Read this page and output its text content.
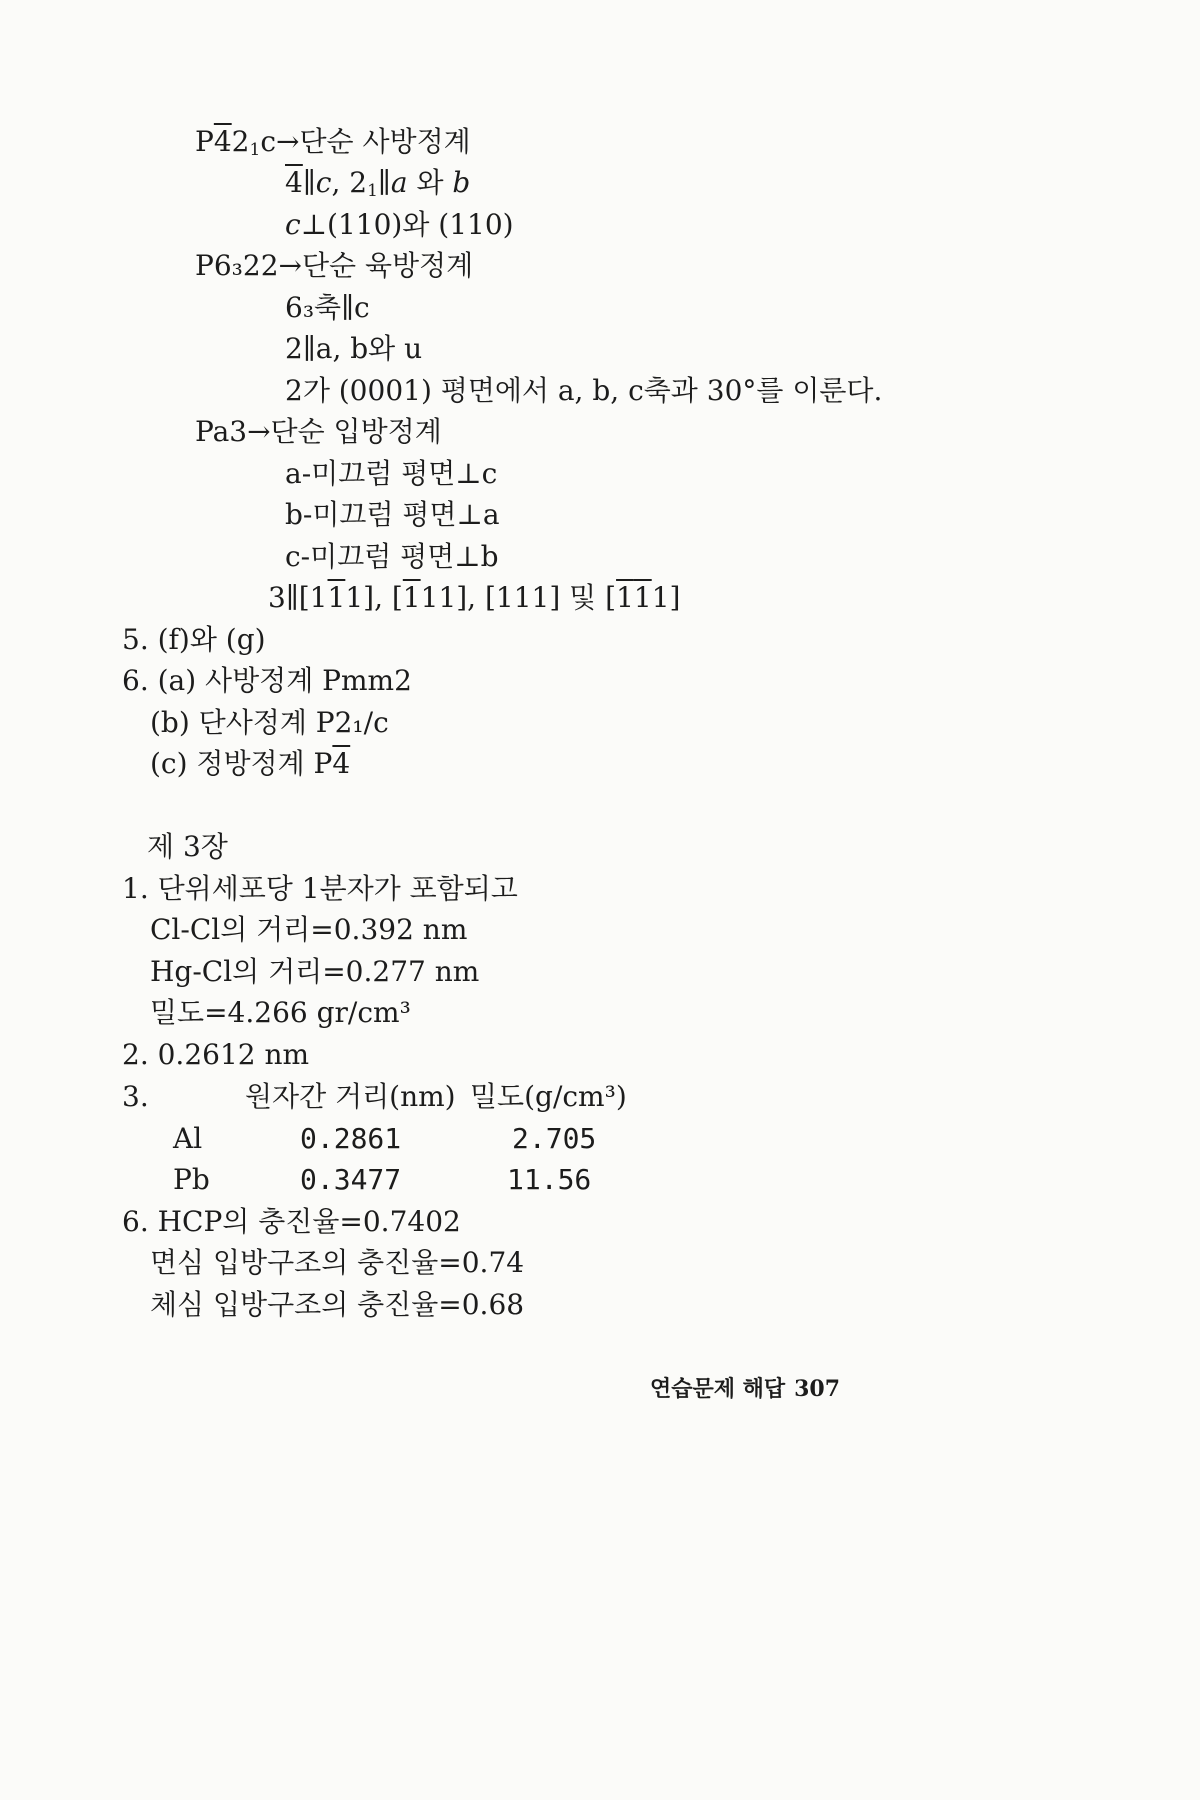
$P42_1c\to$단순 사방정계
4∥c, $2_1\parallel a$ 와 b
c⊥(110)와 (110)
P6₃22→단순 육방정계
6₃축∥c
2∥a, b와 u
2가 (0001) 평면에서 a, b, c축과 30°를 이룬다.
Pa3→단순 입방정계
a-미끄럼 평면⊥c
b-미끄럼 평면⊥a
c-미끄럼 평면⊥b
3∥[111], [111], [111] 및 [111]
5. (f)와 (g)
6. (a) 사방정계 Pmm2
(b) 단사정계 P2₁/c
(c) 정방정계 P4
제 3장
1. 단위세포당 1분자가 포함되고
Cl-Cl의 거리=0.392 nm
Hg-Cl의 거리=0.277 nm
밀도=4.266 gr/cm³
2. 0.2612 nm
3.	원자간 거리(nm) 밀도(g/cm³)
Al	0.2861	2.705
Pb	0.3477	11.56
6. HCP의 충진율=0.7402
면심 입방구조의 충진율=0.74
체심 입방구조의 충진율=0.68
연습문제 해답 307
